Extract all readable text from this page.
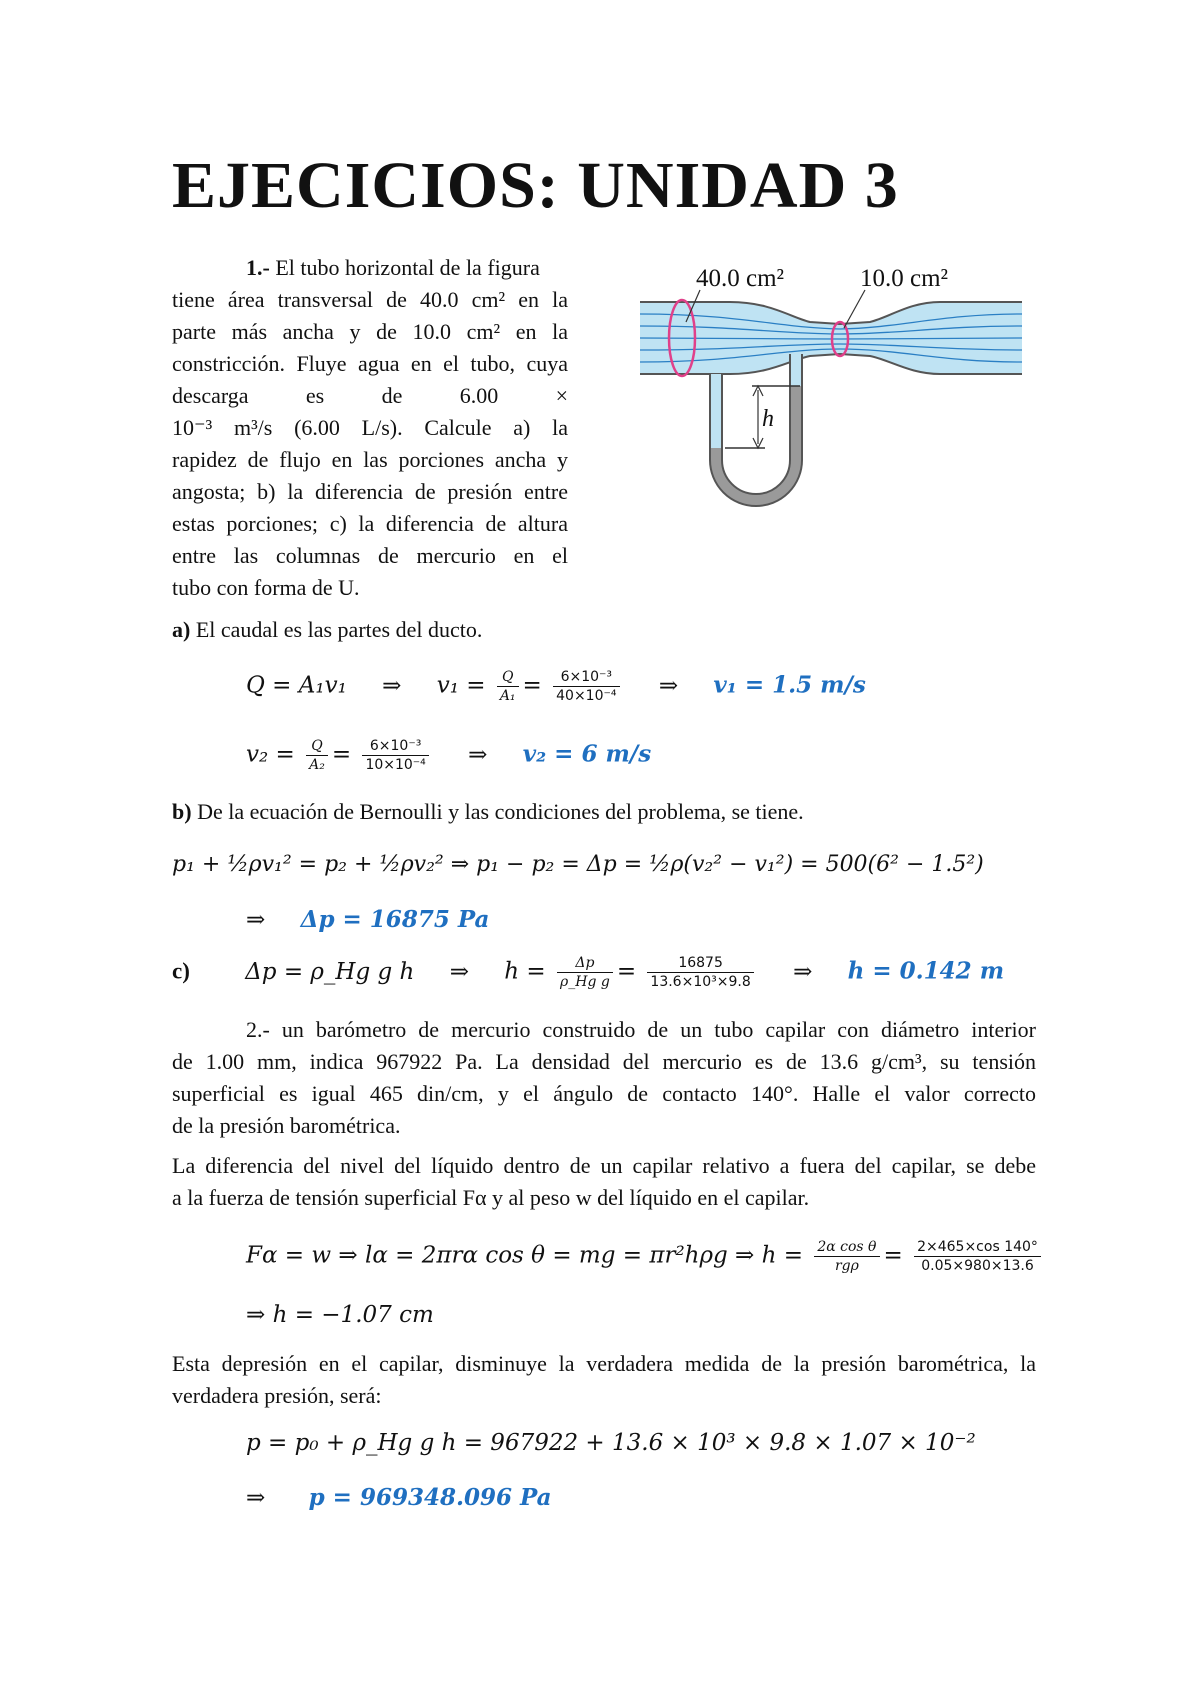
EJECICIOS: UNIDAD 3
1.- El tubo horizontal de la figura
tiene área transversal de 40.0 cm² en la
parte más ancha y de 10.0 cm² en la
constricción. Fluye agua en el tubo, cuya
descarga es de 6.00 ×
10⁻³ m³/s (6.00 L/s). Calcule a) la
rapidez de flujo en las porciones ancha y
angosta; b) la diferencia de presión entre
estas porciones; c) la diferencia de altura
entre las columnas de mercurio en el
tubo con forma de U.
40.0 cm²	10.0 cm²
h
a) El caudal es las partes del ducto.
Q = A₁v₁ ⇒ $v_1 = \frac{Q}{\text{A₁}} = \frac{\text{6×10⁻³}}{\text{40×10⁻⁴}}$ ⇒ v₁ = 1.5 m/s
$v_2 = \frac{Q}{\text{A₂}} = \frac{\text{6×10⁻³}}{\text{10×10⁻⁴}}$ ⇒ v₂ = 6 m/s
b) De la ecuación de Bernoulli y las condiciones del problema, se tiene.
p₁ + ½ρv₁² = p₂ + ½ρv₂² ⇒ p₁ − p₂ = Δp = ½ρ(v₂² − v₁²) = 500(6² − 1.5²)
⇒ Δp = 16875 Pa
c) Δp = ρ_Hg g h ⇒ $h = \frac{\Delta p}{\text{ρ\_Hg g}} = \frac{16875}{\text{13.6×10³×9.8}}$ ⇒ h = 0.142 m
2.- un barómetro de mercurio construido de un tubo capilar con diámetro interior
de 1.00 mm, indica 967922 Pa. La densidad del mercurio es de 13.6 g/cm³, su tensión
superficial es igual 465 din/cm, y el ángulo de contacto 140°. Halle el valor correcto
de la presión barométrica.
La diferencia del nivel del líquido dentro de un capilar relativo a fuera del capilar, se debe
a la fuerza de tensión superficial Fα y al peso w del líquido en el capilar.
Fα = w ⇒ lα = 2πrα cos θ = mg = πr²hρg ⇒ $h = \frac{\text{2α cos θ}}{\text{rgρ}} = \frac{2\times 465\times\cos 140^\circ}{0.05\times 980\times 13.6}$
⇒ h = −1.07 cm
Esta depresión en el capilar, disminuye la verdadera medida de la presión barométrica, la
verdadera presión, será:
p = p₀ + ρ_Hg g h = 967922 + 13.6 × 10³ × 9.8 × 1.07 × 10⁻²
⇒ p = 969348.096 Pa
